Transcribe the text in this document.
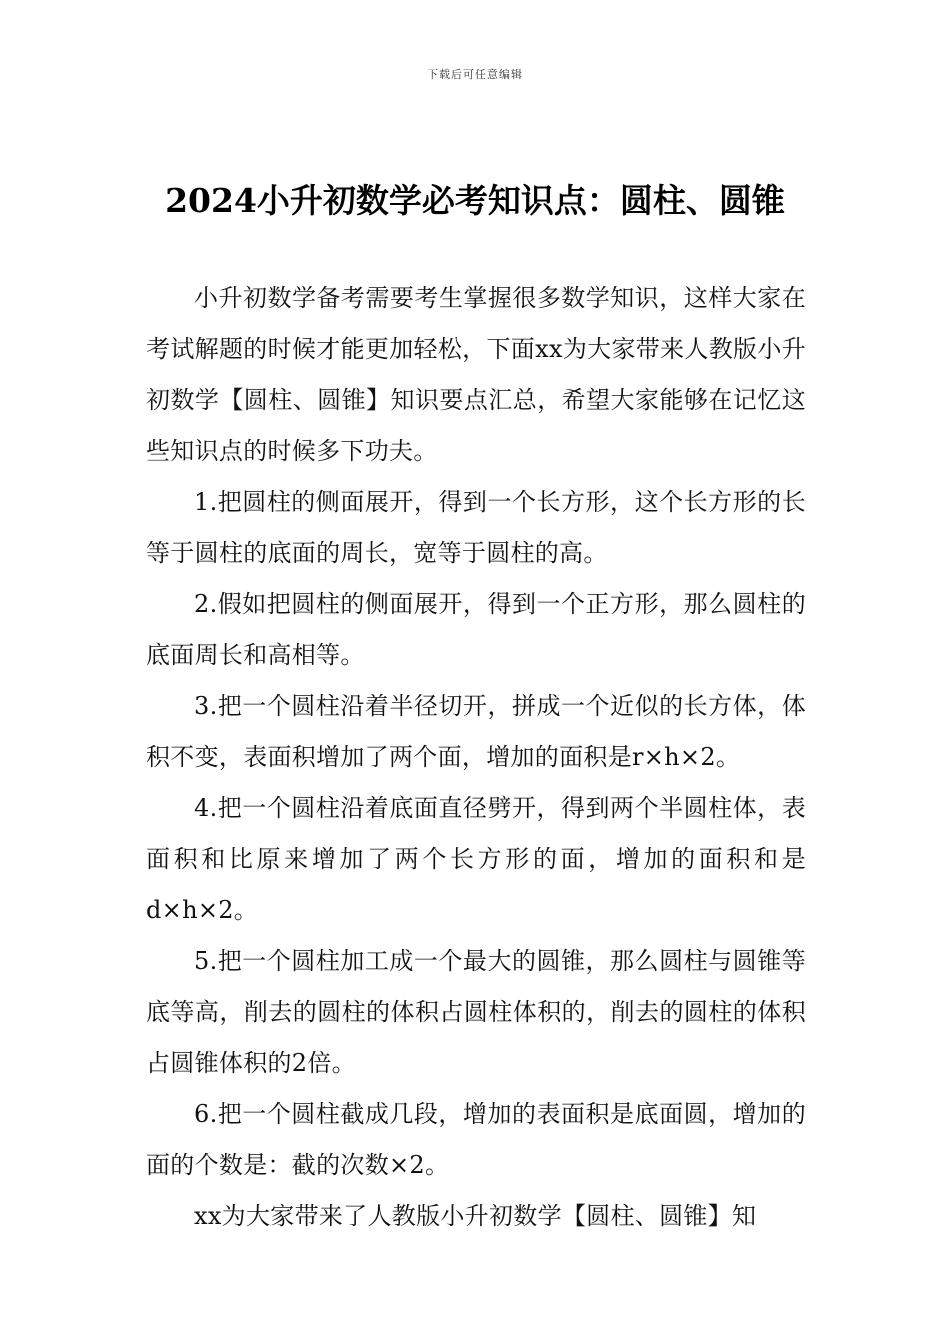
下载后可任意编辑
2024小升初数学必考知识点：圆柱、圆锥

小升初数学备考需要考生掌握很多数学知识，这样大家在考试解题的时候才能更加轻松，下面xx为大家带来人教版小升初数学【圆柱、圆锥】知识要点汇总，希望大家能够在记忆这些知识点的时候多下功夫。

1.把圆柱的侧面展开，得到一个长方形，这个长方形的长等于圆柱的底面的周长，宽等于圆柱的高。

2.假如把圆柱的侧面展开，得到一个正方形，那么圆柱的底面周长和高相等。

3.把一个圆柱沿着半径切开，拼成一个近似的长方体，体积不变，表面积增加了两个面，增加的面积是r×h×2。

4.把一个圆柱沿着底面直径劈开，得到两个半圆柱体，表面积和比原来增加了两个长方形的面，增加的面积和是d×h×2。

5.把一个圆柱加工成一个最大的圆锥，那么圆柱与圆锥等底等高，削去的圆柱的体积占圆柱体积的，削去的圆柱的体积占圆锥体积的2倍。

6.把一个圆柱截成几段，增加的表面积是底面圆，增加的面的个数是：截的次数×2。

xx为大家带来了人教版小升初数学【圆柱、圆锥】知
